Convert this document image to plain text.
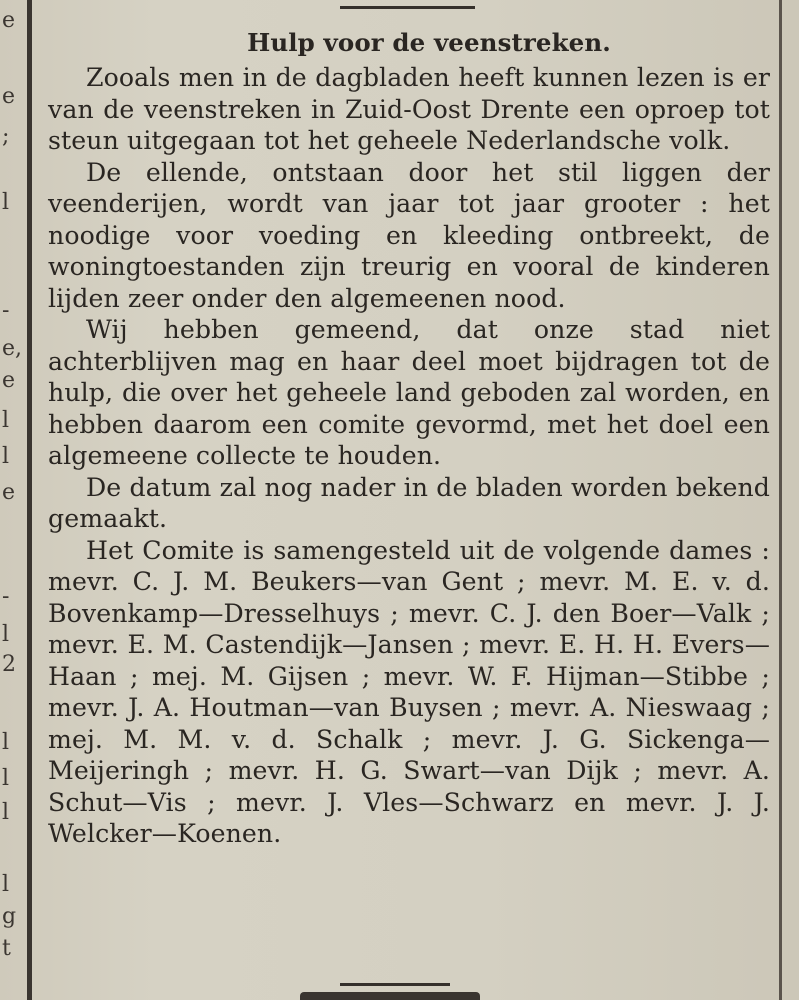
e
e
;
l
-
e,
e
l
l
e
-
l
2
l
l
l
l
g
t
Hulp voor de veenstreken.

Zooals men in de dagbladen heeft kunnen lezen is er van de veenstreken in Zuid-Oost Drente een oproep tot steun uitgegaan tot het geheele Nederlandsche volk.

De ellende, ontstaan door het stil liggen der veenderijen, wordt van jaar tot jaar grooter : het noodige voor voeding en kleeding ontbreekt, de woningtoestanden zijn treurig en vooral de kinderen lijden zeer onder den algemeenen nood.

Wij hebben gemeend, dat onze stad niet achterblijven mag en haar deel moet bijdragen tot de hulp, die over het geheele land geboden zal worden, en hebben daarom een comite gevormd, met het doel een algemeene collecte te houden.

De datum zal nog nader in de bladen worden bekend gemaakt.

Het Comite is samengesteld uit de volgende dames : mevr. C. J. M. Beukers—van Gent ; mevr. M. E. v. d. Bovenkamp—Dresselhuys ; mevr. C. J. den Boer—Valk ; mevr. E. M. Castendijk—Jansen ; mevr. E. H. H. Evers—Haan ; mej. M. Gijsen ; mevr. W. F. Hijman—Stibbe ; mevr. J. A. Houtman—van Buysen ; mevr. A. Nieswaag ; mej. M. M. v. d. Schalk ; mevr. J. G. Sickenga—Meijeringh ; mevr. H. G. Swart—van Dijk ; mevr. A. Schut—Vis ; mevr. J. Vles—Schwarz en mevr. J. J. Welcker—Koenen.
